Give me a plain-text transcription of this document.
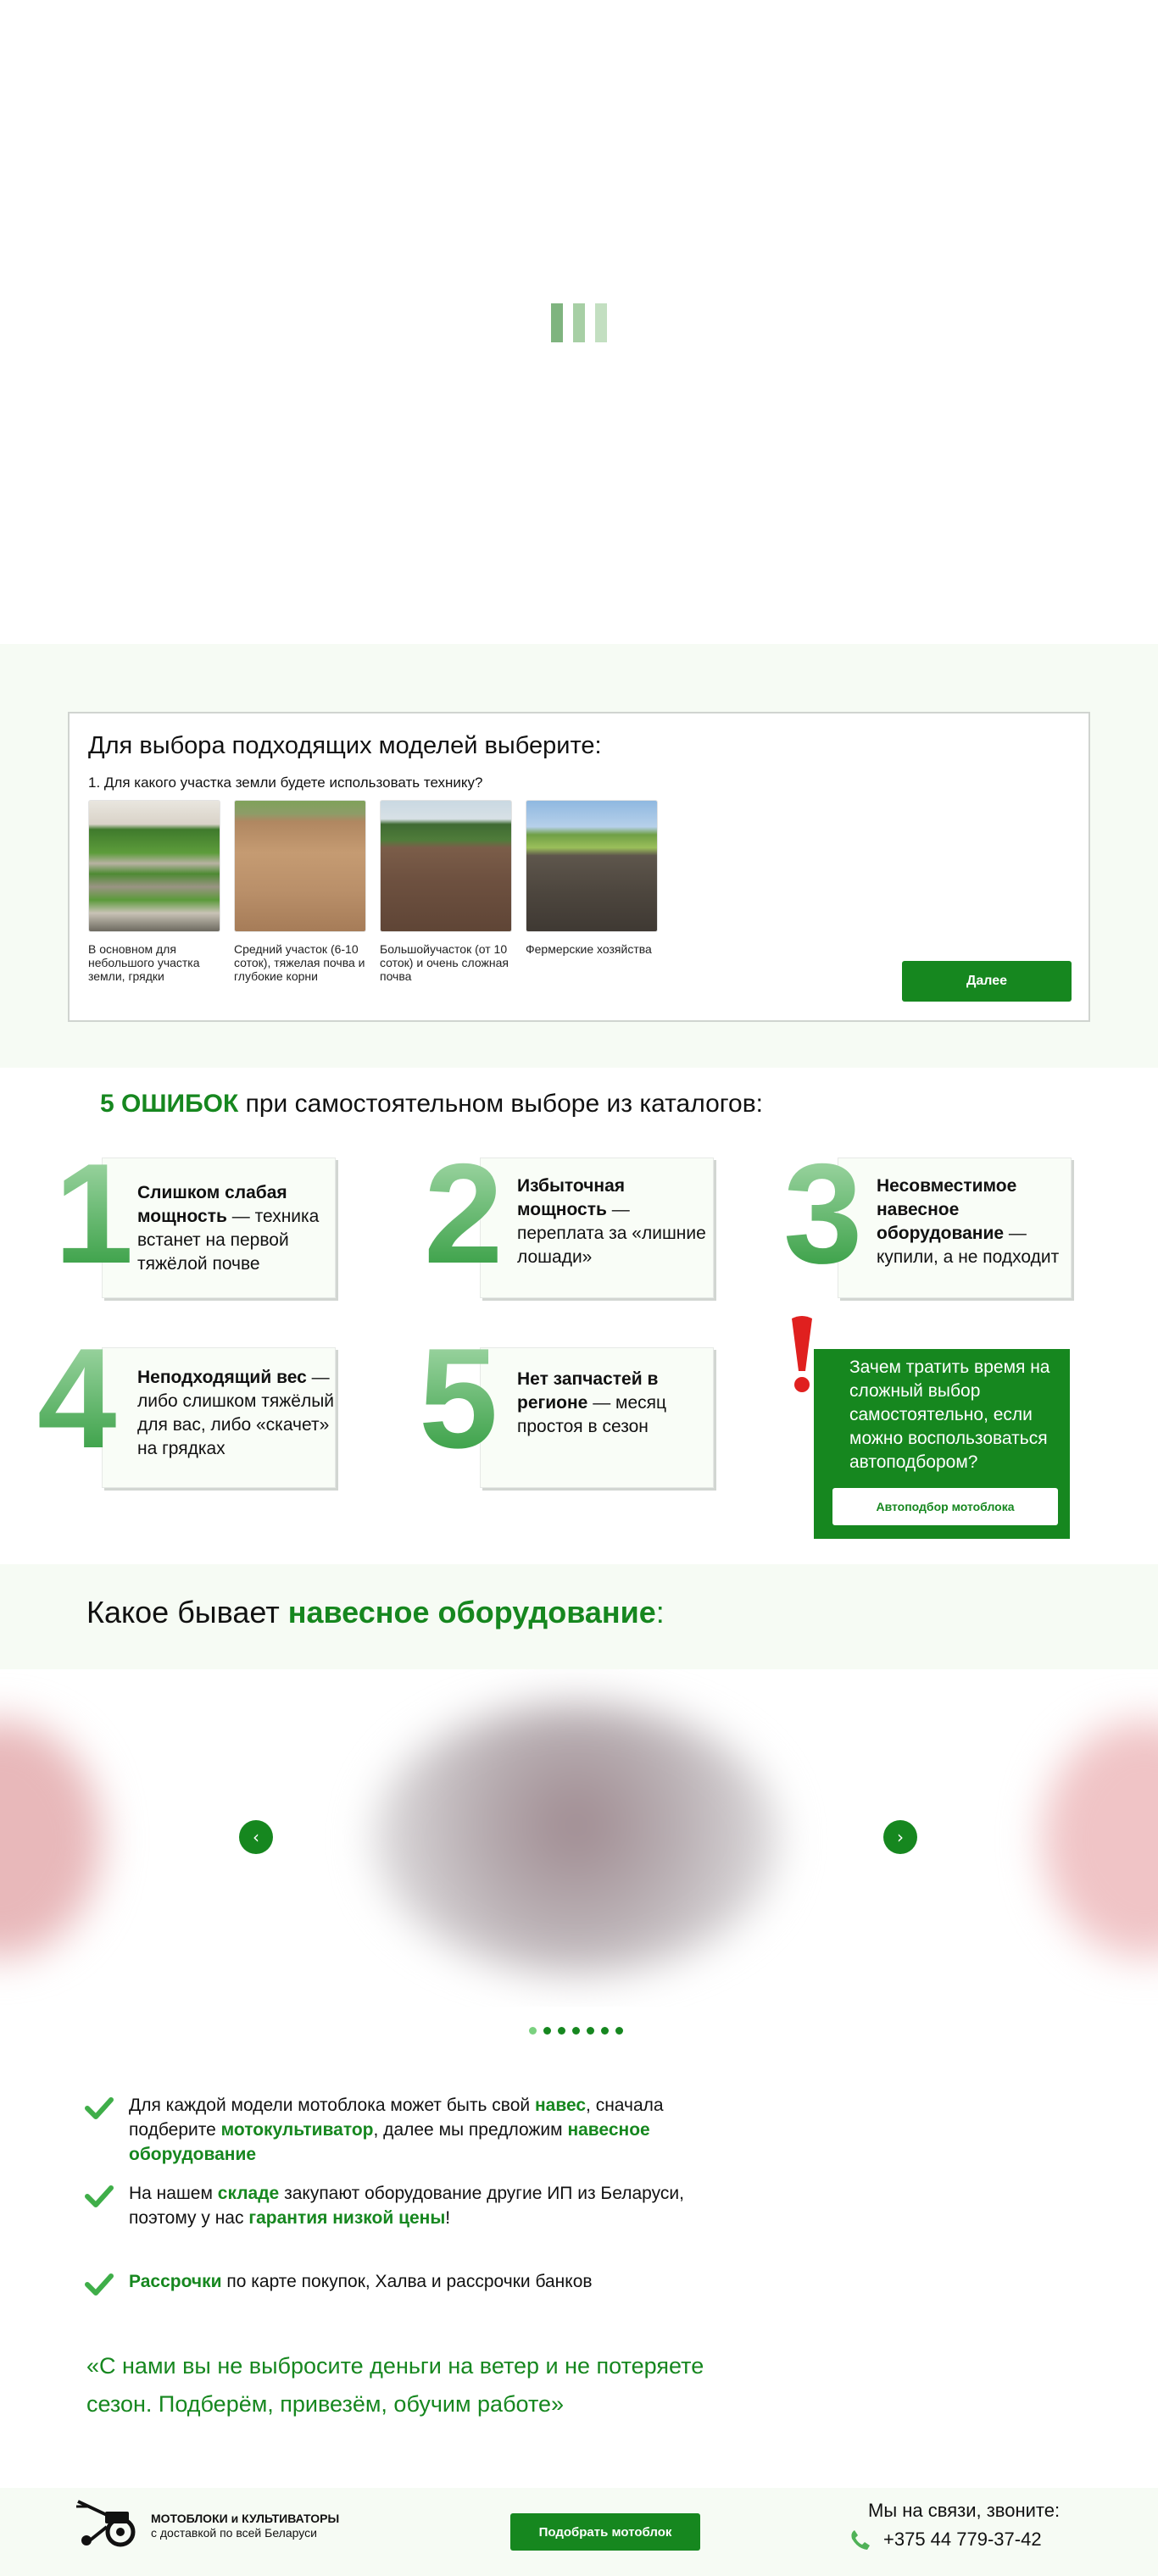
Для выбора подходящих моделей выберите:
1. Для какого участка земли будете использовать технику?
В основном для небольшого участка земли, грядки
Средний участок (6-10 соток), тяжелая почва и глубокие корни
Большойучасток (от 10 соток) и очень сложная почва
Фермерские хозяйства
Далее
5 ОШИБОК при самостоятельном выборе из каталогов:
1 Слишком слабая мощность — техника встанет на первой тяжёлой почве	2 Избыточная мощность — переплата за «лишние лошади»	3 Несовместимое навесное оборудование — купили, а не подходит
4 Неподходящий вес — либо слишком тяжёлый для вас, либо «скачет» на грядках	5 Нет запчастей в регионе — месяц простоя в сезон
Зачем тратить время на сложный выбор самостоятельно, если можно воспользоваться автоподбором?
Автоподбор мотоблока
Какое бывает навесное оборудование:
‹	›
Для каждой модели мотоблока может быть свой навес, сначала подберите мотокультиватор, далее мы предложим навесное оборудование
На нашем складе закупают оборудование другие ИП из Беларуси, поэтому у нас гарантия низкой цены!
Рассрочки по карте покупок, Халва и рассрочки банков
«С нами вы не выбросите деньги на ветер и не потеряете сезон. Подберём, привезём, обучим работе»
МОТОБЛОКИ и КУЛЬТИВАТОРЫ
с доставкой по всей Беларуси	Подобрать мотоблок
Мы на связи, звоните:
+375 44 779-37-42
